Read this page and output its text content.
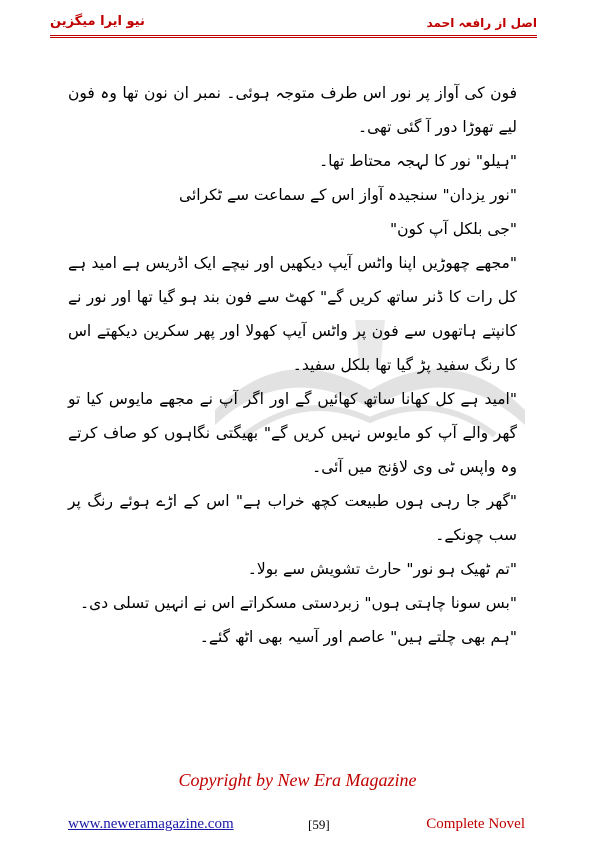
اصل از رافعہ احمد
نیو ایرا میگزین

فون کی آواز پر نور اس طرف متوجہ ہوئی۔ نمبر ان نون تھا وہ فون لیے تھوڑا دور آ گئی تھی۔

"ہیلو" نور کا لہجہ محتاط تھا۔

"نور یزدان" سنجیدہ آواز اس کے سماعت سے ٹکرائی

"جی بلکل آپ کون"

"مجھے چھوڑیں اپنا واٹس آیپ دیکھیں اور نیچے ایک اڈریس ہے امید ہے کل رات کا ڈنر ساتھ کریں گے" کھٹ سے فون بند ہو گیا تھا اور نور نے کانپتے ہاتھوں سے فون پر واٹس آیپ کھولا اور پھر سکرین دیکھتے اس کا رنگ سفید پڑ گیا تھا بلکل سفید۔

"امید ہے کل کھانا ساتھ کھائیں گے اور اگر آپ نے مجھے مایوس کیا تو گھر والے آپ کو مایوس نہیں کریں گے" بھیگتی نگاہوں کو صاف کرتے وہ واپس ٹی وی لاؤنج میں آئی۔

"گھر جا رہی ہوں طبیعت کچھ خراب ہے" اس کے اڑے ہوئے رنگ پر سب چونکے۔

"تم ٹھیک ہو نور" حارث تشویش سے بولا۔

"بس سونا چاہتی ہوں" زبردستی مسکراتے اس نے انہیں تسلی دی۔

"ہم بھی چلتے ہیں" عاصم اور آسیہ بھی اٹھ گئے۔

Copyright by New Era Magazine
www.neweramagazine.com	[59]	Complete Novel
